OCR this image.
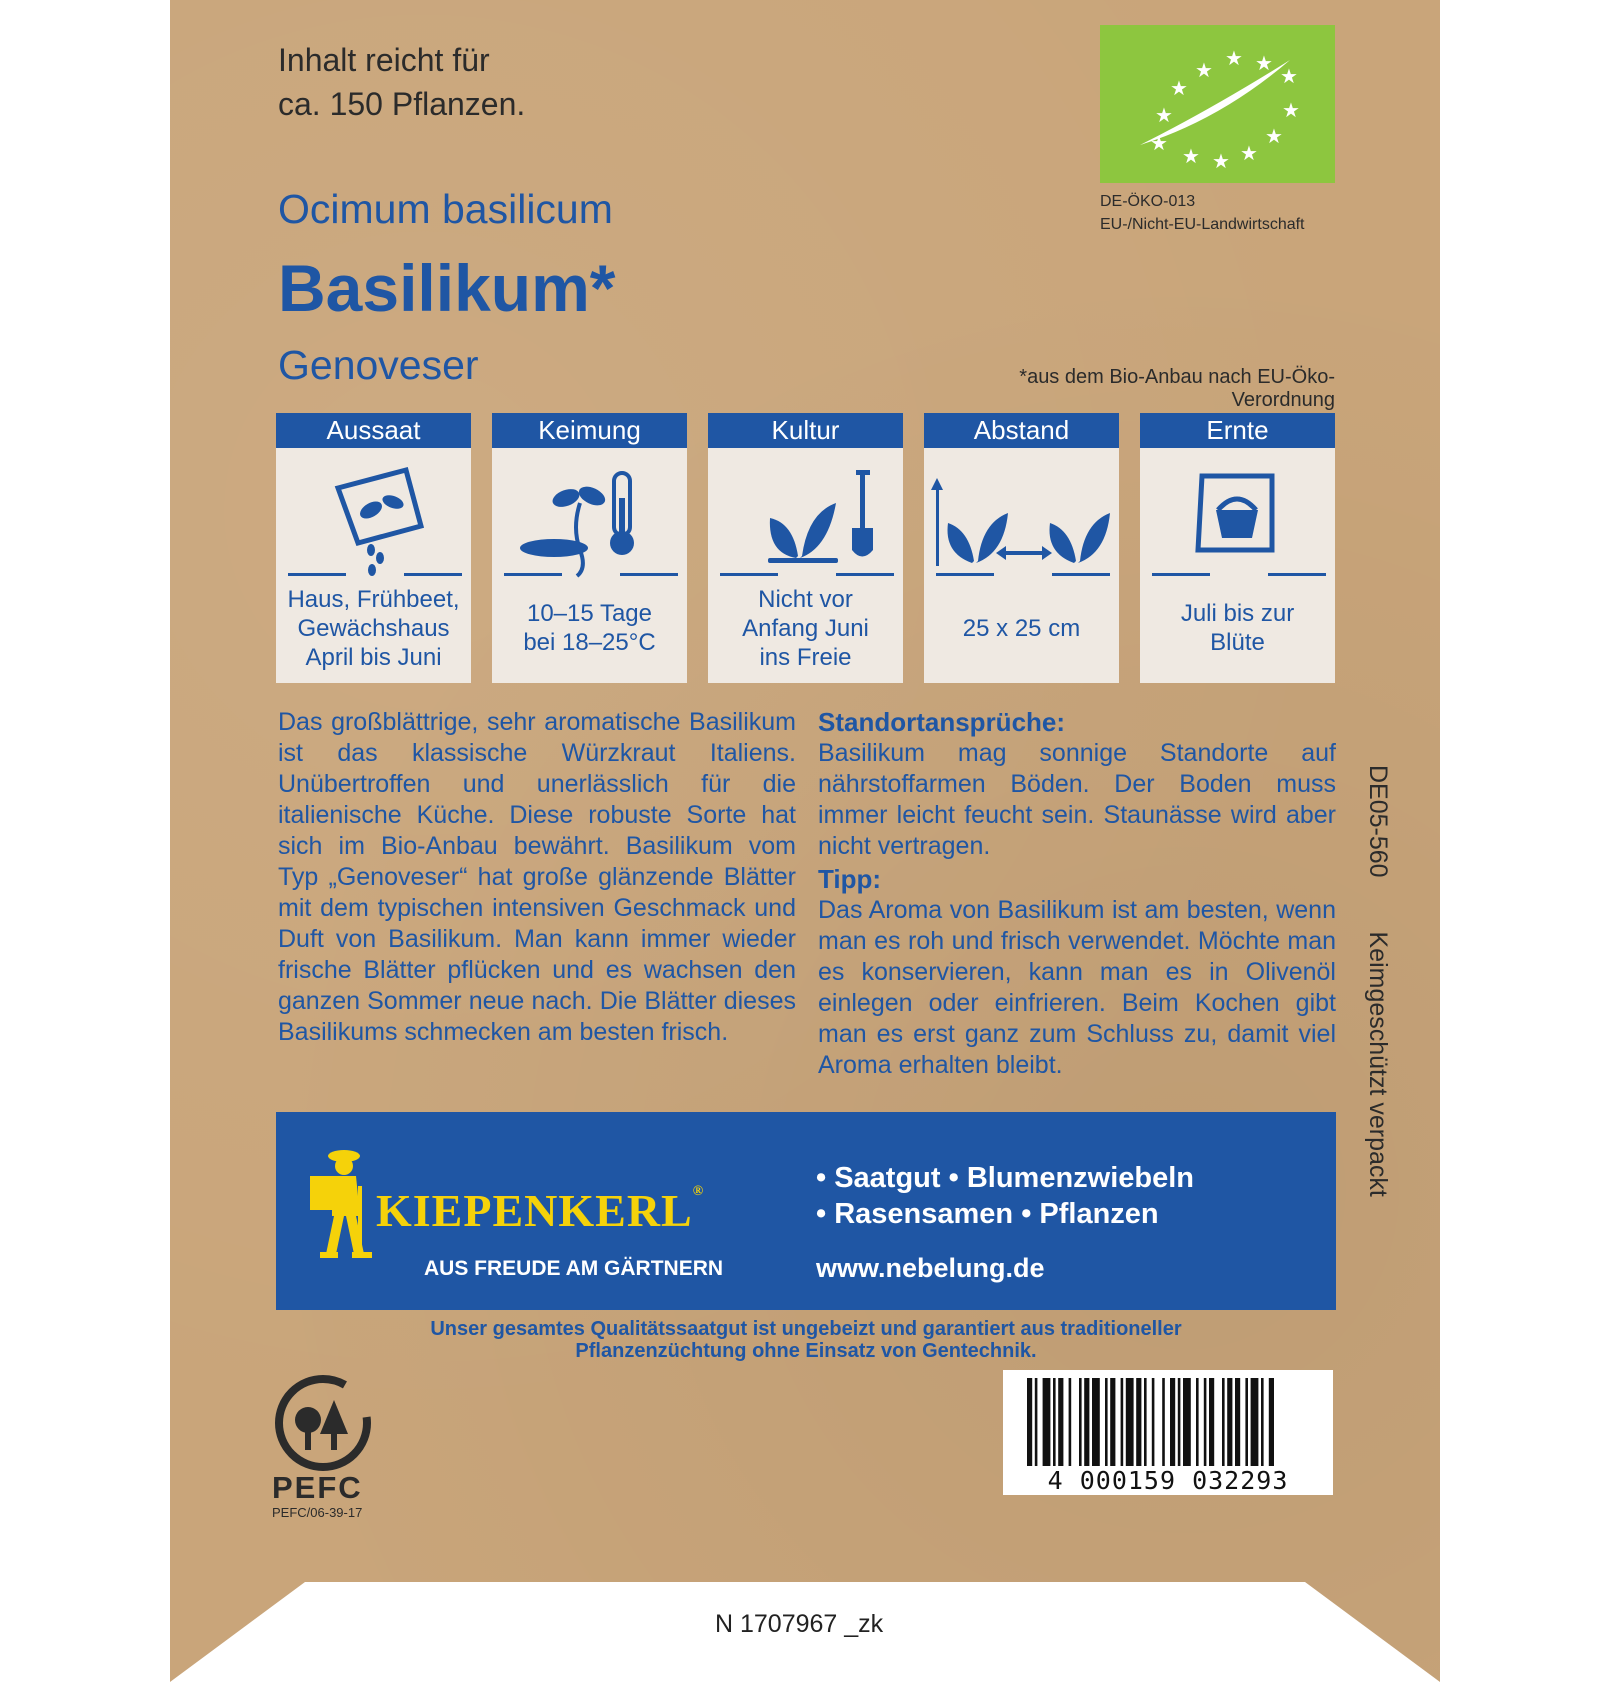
Inhalt reicht für
ca. 150 Pflanzen.
★ ★ ★
★
★
★
★
★ ★ ★
★
★
DE-ÖKO-013
EU-/Nicht-EU-Landwirtschaft
Ocimum basilicum
Basilikum*
Genoveser	*aus dem Bio-Anbau nach EU-Öko-Verordnung
Aussaat
Haus, Frühbeet,
Gewächshaus
April bis Juni
Keimung
10–15 Tage
bei 18–25°C
Kultur
Nicht vor
Anfang Juni
ins Freie
Abstand
25 x 25 cm
Ernte
Juli bis zur
Blüte
Das großblättrige, sehr aromatische Basilikum ist das klassische Würzkraut Italiens. Unübertroffen und unerlässlich für die italienische Küche. Diese robuste Sorte hat sich im Bio-Anbau bewährt. Basilikum vom Typ „Genoveser“ hat große glänzende Blätter mit dem typischen intensiven Geschmack und Duft von Basilikum. Man kann immer wieder frische Blätter pflücken und es wachsen den ganzen Sommer neue nach. Die Blätter dieses Basilikums schmecken am besten frisch.
Standortansprüche:
Basilikum mag sonnige Standorte auf nährstoffarmen Böden. Der Boden muss immer leicht feucht sein. Staunässe wird aber nicht vertragen.
Tipp:
Das Aroma von Basilikum ist am besten, wenn man es roh und frisch verwendet. Möchte man es konservieren, kann man es in Olivenöl einlegen oder einfrieren. Beim Kochen gibt man es erst ganz zum Schluss zu, damit viel Aroma erhalten bleibt.
DE05-560  Keimgeschützt verpackt
KIEPENKERL®
AUS FREUDE AM GÄRTNERN
• Saatgut • Blumenzwiebeln
• Rasensamen • Pflanzen
www.nebelung.de
Unser gesamtes Qualitätssaatgut ist ungebeizt und garantiert aus traditioneller
Pflanzenzüchtung ohne Einsatz von Gentechnik.
PEFC
PEFC/06-39-17
4 000159 032293
N 1707967 _zk
